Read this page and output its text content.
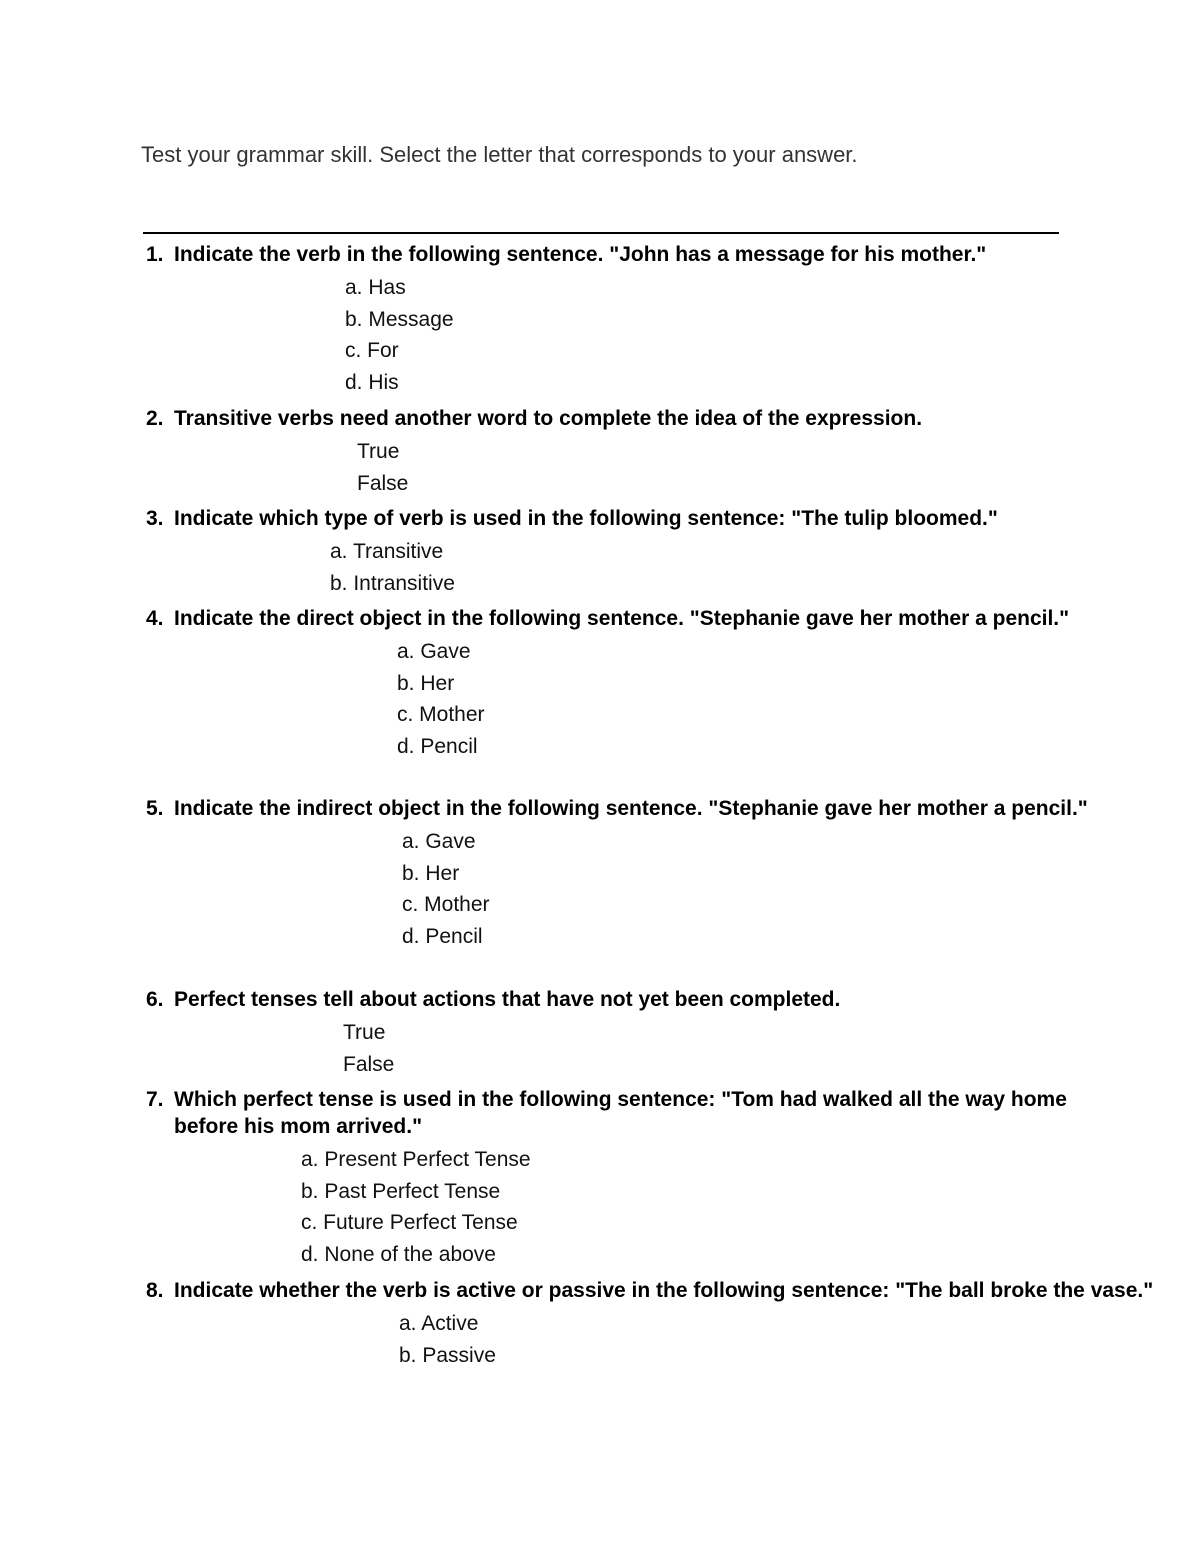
Test your grammar skill. Select the letter that corresponds to your answer.
1. Indicate the verb in the following sentence. "John has a message for his mother."
a. Has
b. Message
c. For
d. His
2. Transitive verbs need another word to complete the idea of the expression.
True
False
3. Indicate which type of verb is used in the following sentence: "The tulip bloomed."
a. Transitive
b. Intransitive
4. Indicate the direct object in the following sentence. "Stephanie gave her mother a pencil."
a. Gave
b. Her
c. Mother
d. Pencil
5. Indicate the indirect object in the following sentence. "Stephanie gave her mother a pencil."
a. Gave
b. Her
c. Mother
d. Pencil
6. Perfect tenses tell about actions that have not yet been completed.
True
False
7. Which perfect tense is used in the following sentence: "Tom had walked all the way home before his mom arrived."
a. Present Perfect Tense
b. Past Perfect Tense
c. Future Perfect Tense
d. None of the above
8. Indicate whether the verb is active or passive in the following sentence: "The ball broke the vase."
a. Active
b. Passive
